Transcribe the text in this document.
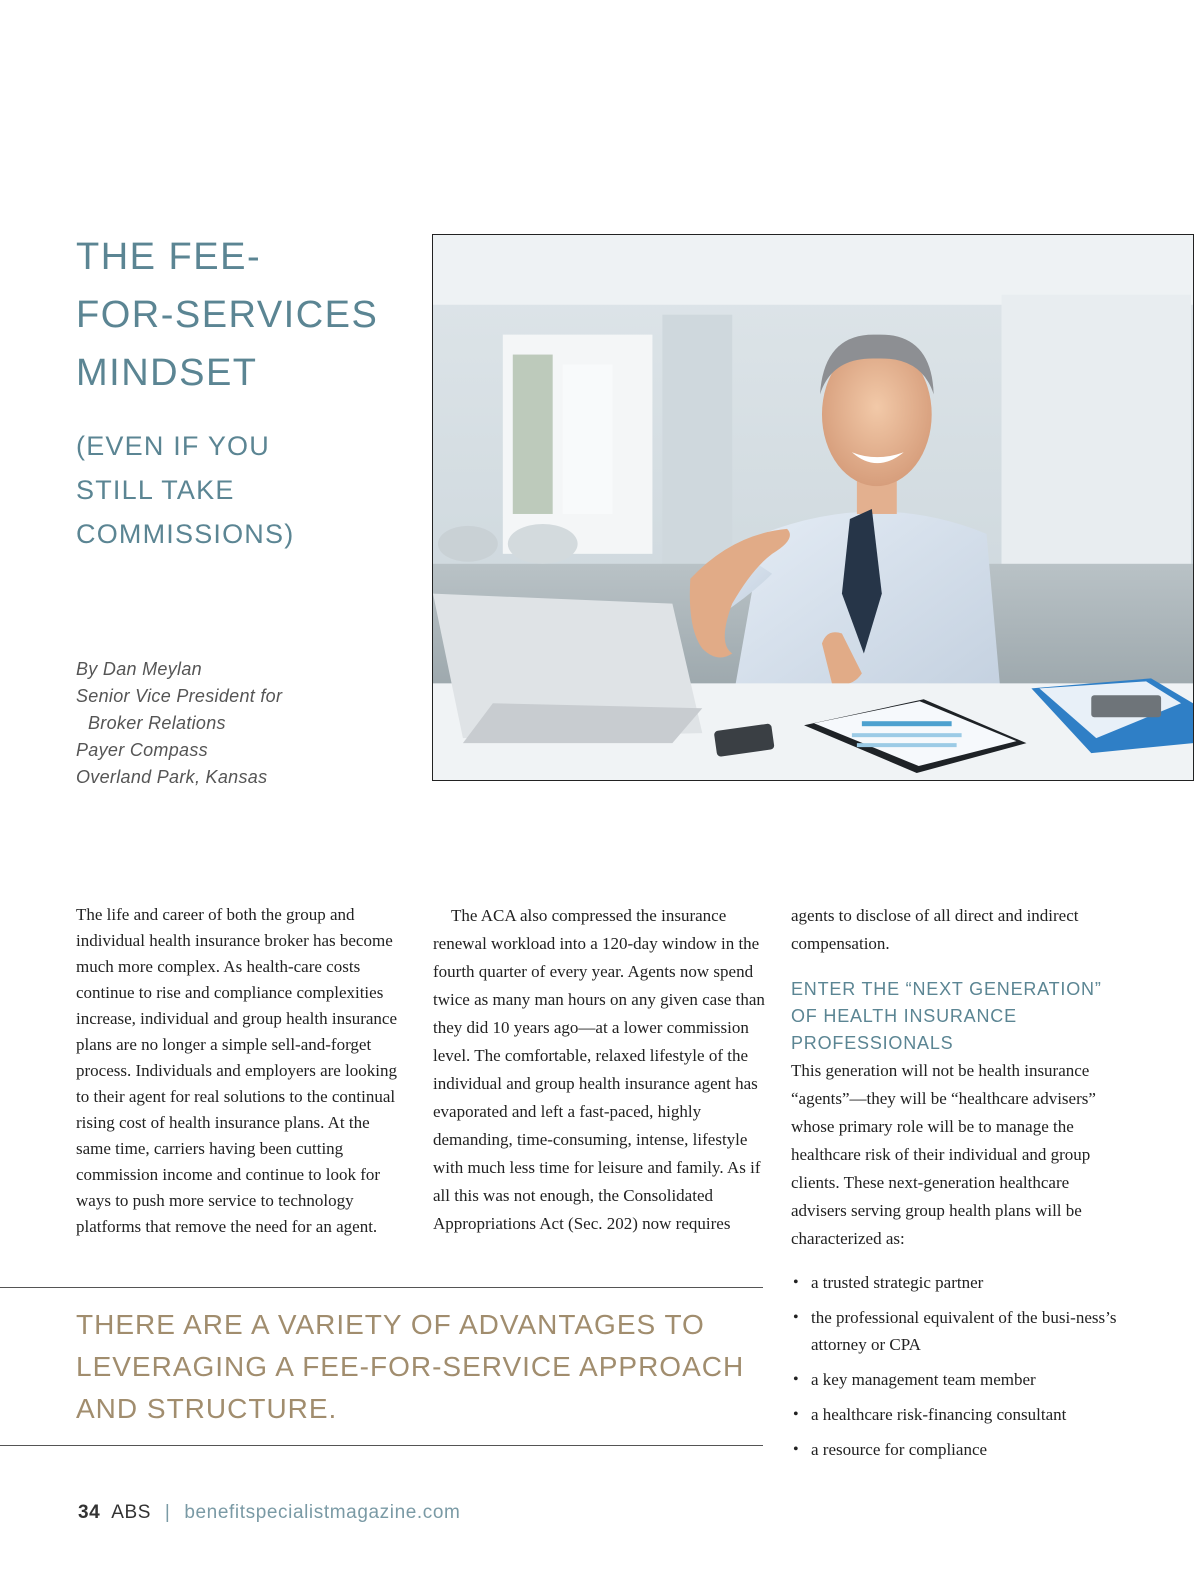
THE FEE-
FOR-SERVICES
MINDSET
(EVEN IF YOU
STILL TAKE
COMMISSIONS)
By Dan Meylan
Senior Vice President for
Broker Relations
Payer Compass
Overland Park, Kansas

The life and career of both the group and individual health insurance broker has become much more complex. As health-care costs continue to rise and compliance complexities increase, individual and group health insurance plans are no longer a simple sell-and-forget process. Individuals and employers are looking to their agent for real solutions to the continual rising cost of health insurance plans. At the same time, carriers having been cutting commission income and continue to look for ways to push more service to technology platforms that remove the need for an agent.

The ACA also compressed the insurance renewal workload into a 120-day window in the fourth quarter of every year. Agents now spend twice as many man hours on any given case than they did 10 years ago—at a lower commission level. The comfortable, relaxed lifestyle of the individual and group health insurance agent has evaporated and left a fast-paced, highly demanding, time-consuming, intense, lifestyle with much less time for leisure and family. As if all this was not enough, the Consolidated Appropriations Act (Sec. 202) now requires

agents to disclose of all direct and indirect compensation.

ENTER THE “NEXT GENERATION” OF HEALTH INSURANCE PROFESSIONALS

This generation will not be health insurance “agents”—they will be “healthcare advisers” whose primary role will be to manage the healthcare risk of their individual and group clients. These next-generation healthcare advisers serving group health plans will be characterized as:

• a trusted strategic partner
• the professional equivalent of the busi-ness’s attorney or CPA
• a key management team member
• a healthcare risk-financing consultant
• a resource for compliance
THERE ARE A VARIETY OF ADVANTAGES TO
LEVERAGING A FEE-FOR-SERVICE APPROACH
AND STRUCTURE.
34 ABS | benefitspecialistmagazine.com
